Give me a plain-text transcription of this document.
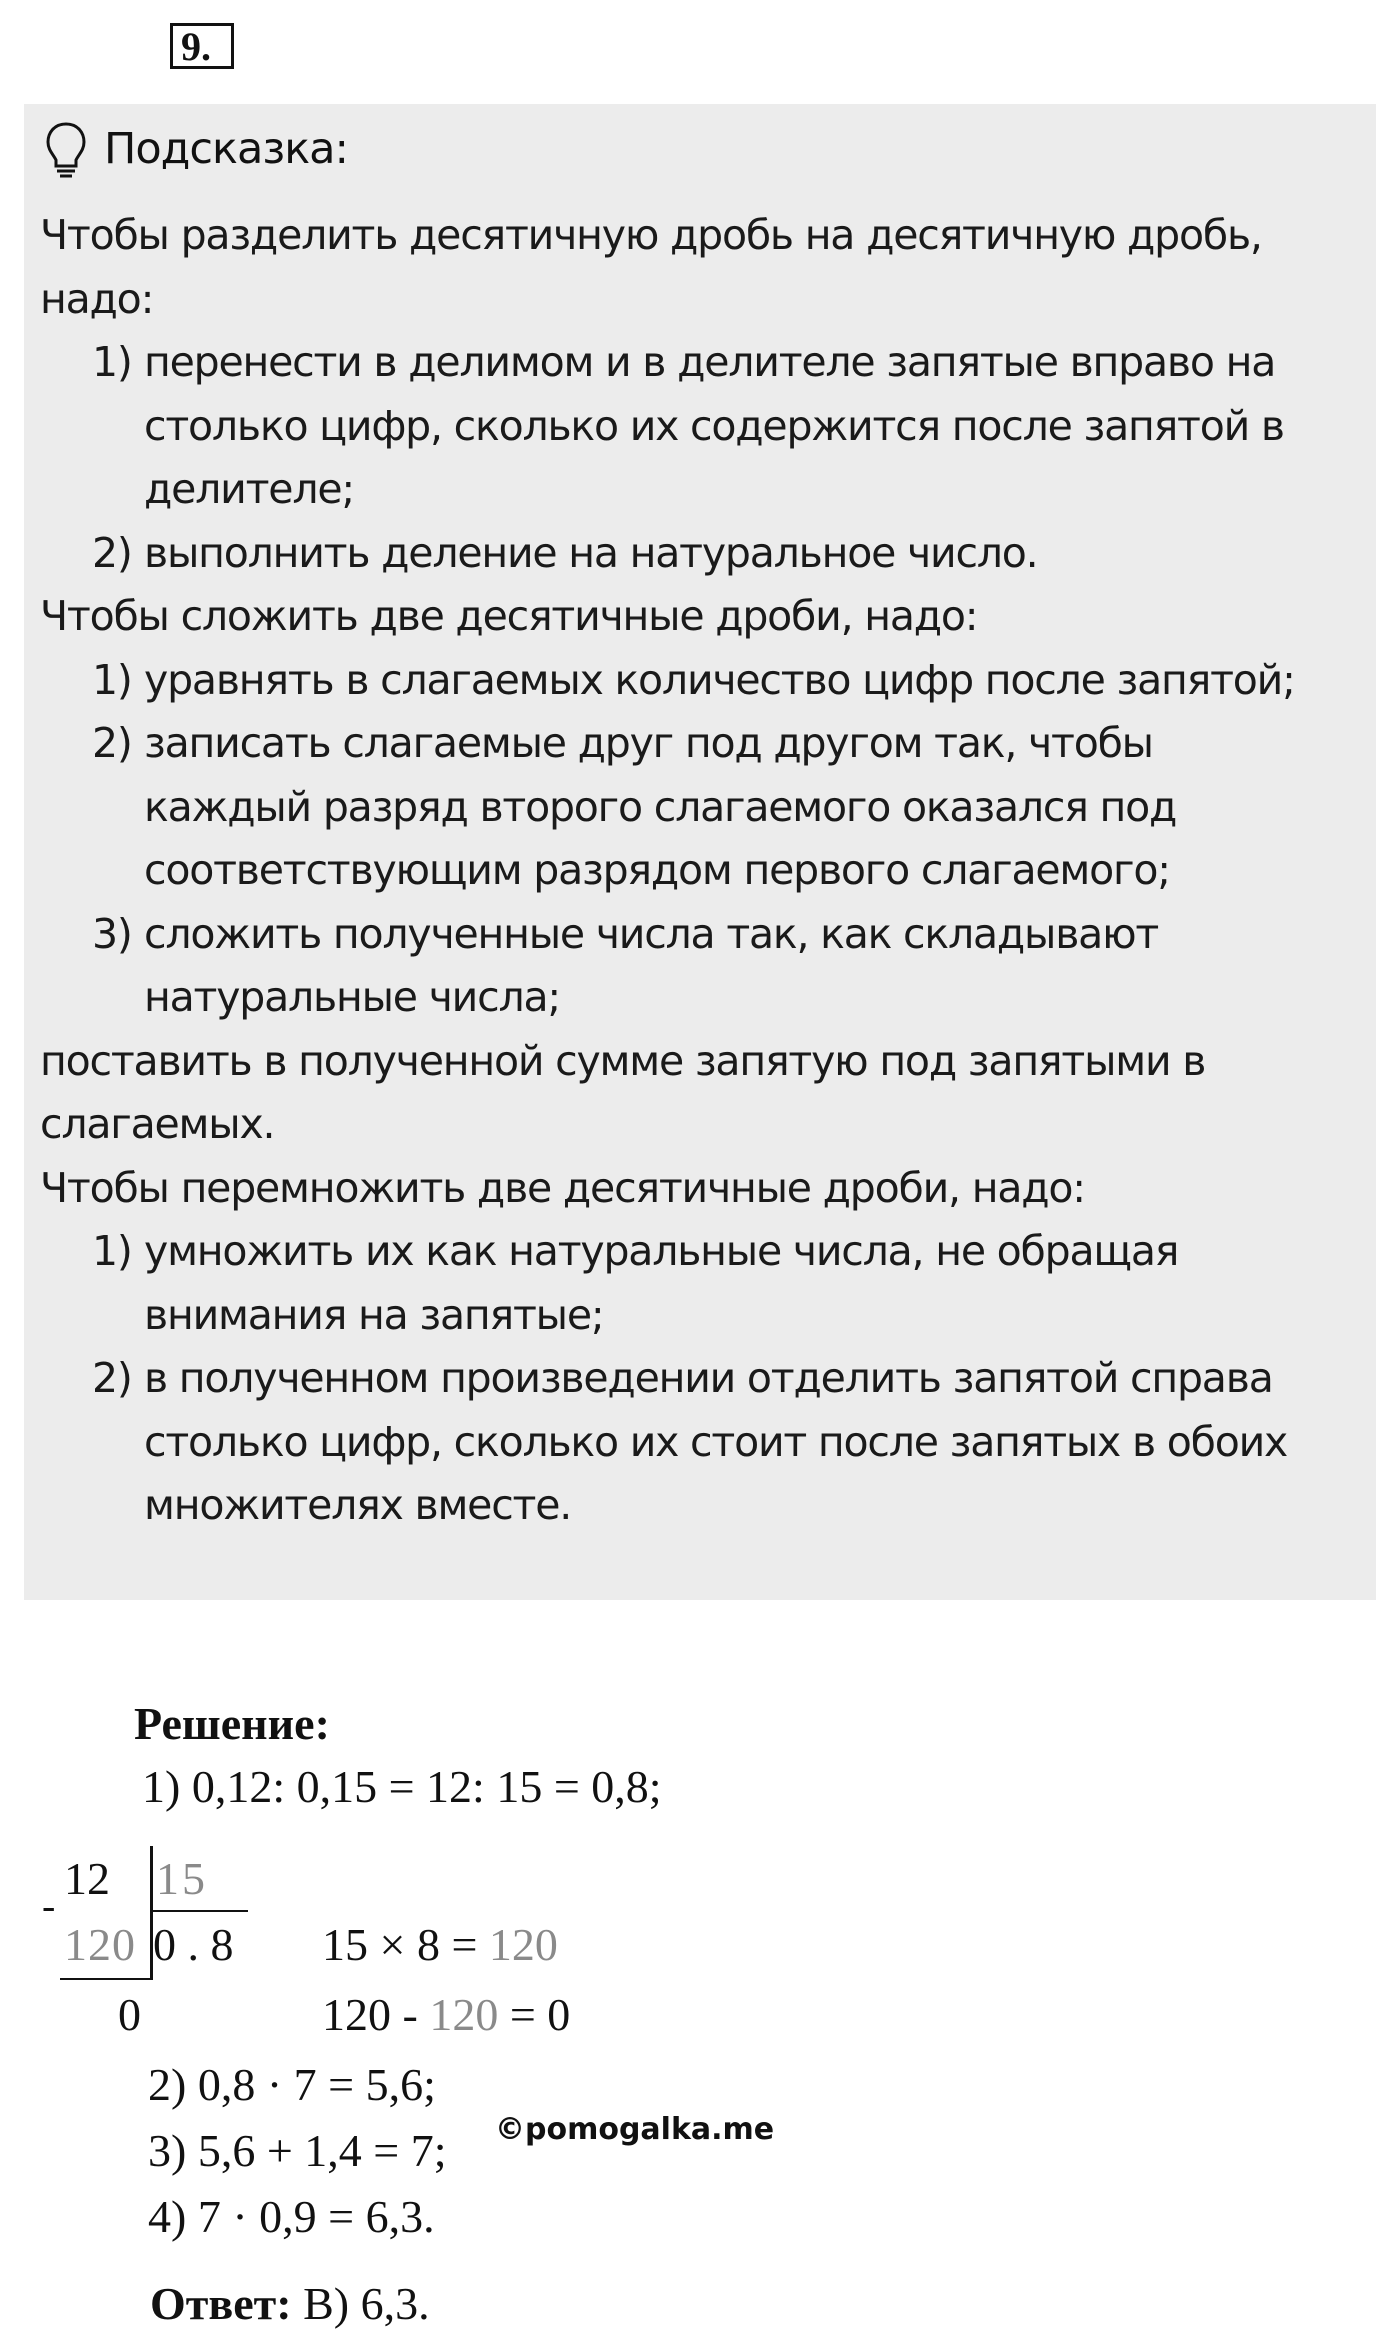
9.
Подсказка:
Чтобы разделить десятичную дробь на десятичную дробь,
надо:
1) перенести в делимом и в делителе запятые вправо на
столько цифр, сколько их содержится после запятой в
делителе;
2) выполнить деление на натуральное число.
Чтобы сложить две десятичные дроби, надо:
1) уравнять в слагаемых количество цифр после запятой;
2) записать слагаемые друг под другом так, чтобы
каждый разряд второго слагаемого оказался под
соответствующим разрядом первого слагаемого;
3) сложить полученные числа так, как складывают
натуральные числа;
поставить в полученной сумме запятую под запятыми в
слагаемых.
Чтобы перемножить две десятичные дроби, надо:
1) умножить их как натуральные числа, не обращая
внимания на запятые;
2) в полученном произведении отделить запятой справа
столько цифр, сколько их стоит после запятых в обоих
множителях вместе.
Решение:
1) 0,12: 0,15 = 12: 15 = 0,8;
-
12 15
120 0 . 8
0
15 × 8 = 120
120 - 120 = 0
2) 0,8 · 7 = 5,6;
3) 5,6 + 1,4 = 7;
4) 7 · 0,9 = 6,3.
©pomogalka.me
Ответ: В) 6,3.
